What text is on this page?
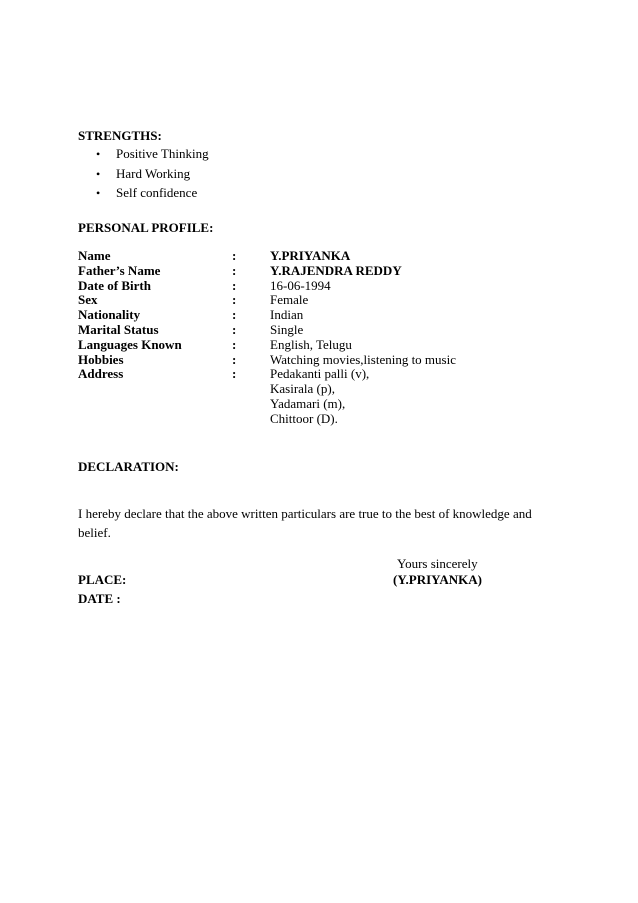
STRENGTHS:
• Positive Thinking
• Hard Working
• Self confidence
PERSONAL PROFILE:
Name	:	Y.PRIYANKA
Father’s Name	:	Y.RAJENDRA REDDY
Date of Birth	:	16-06-1994
Sex	:	Female
Nationality	:	Indian
Marital Status	:	Single
Languages Known	:	English, Telugu
Hobbies	:	Watching movies,listening to music
Address	:	Pedakanti palli (v),
Kasirala (p),
Yadamari (m),
Chittoor (D).
DECLARATION:
I hereby declare that the above written particulars are true to the best of knowledge and belief.
Yours sincerely
(Y.PRIYANKA)
PLACE:
DATE :
